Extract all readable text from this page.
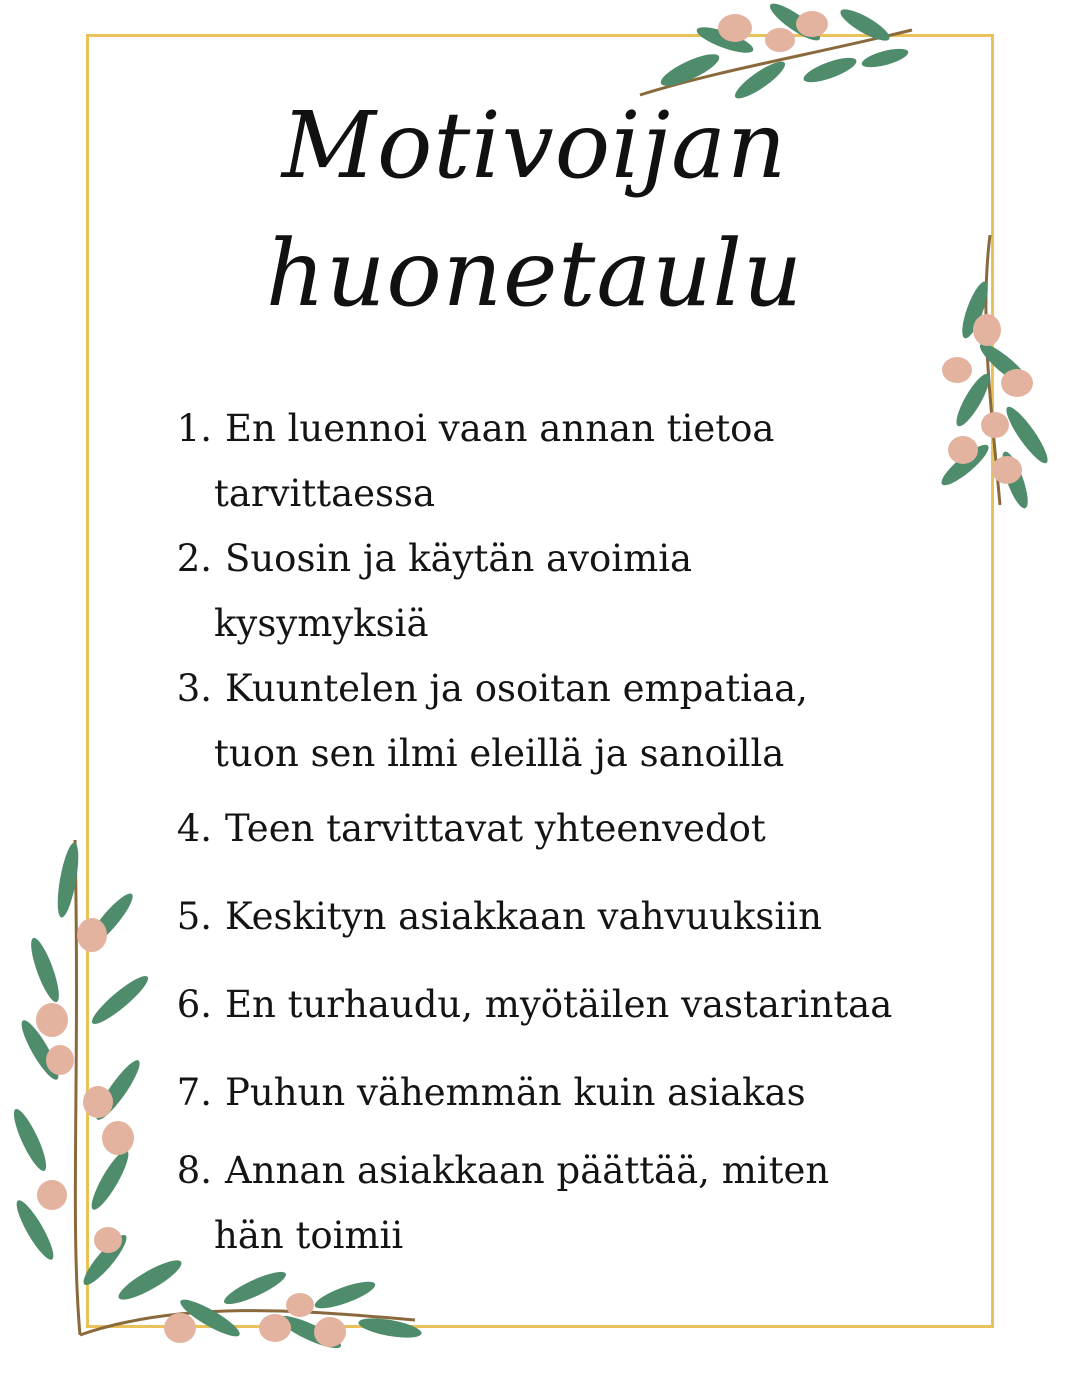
Motivoijan
huonetaulu
1. En luennoi vaan annan tietoa
tarvittaessa
2. Suosin ja käytän avoimia
kysymyksiä
3. Kuuntelen ja osoitan empatiaa,
tuon sen ilmi eleillä ja sanoilla
4. Teen tarvittavat yhteenvedot
5. Keskityn asiakkaan vahvuuksiin
6. En turhaudu, myötäilen vastarintaa
7. Puhun vähemmän kuin asiakas
8. Annan asiakkaan päättää, miten
hän toimii
